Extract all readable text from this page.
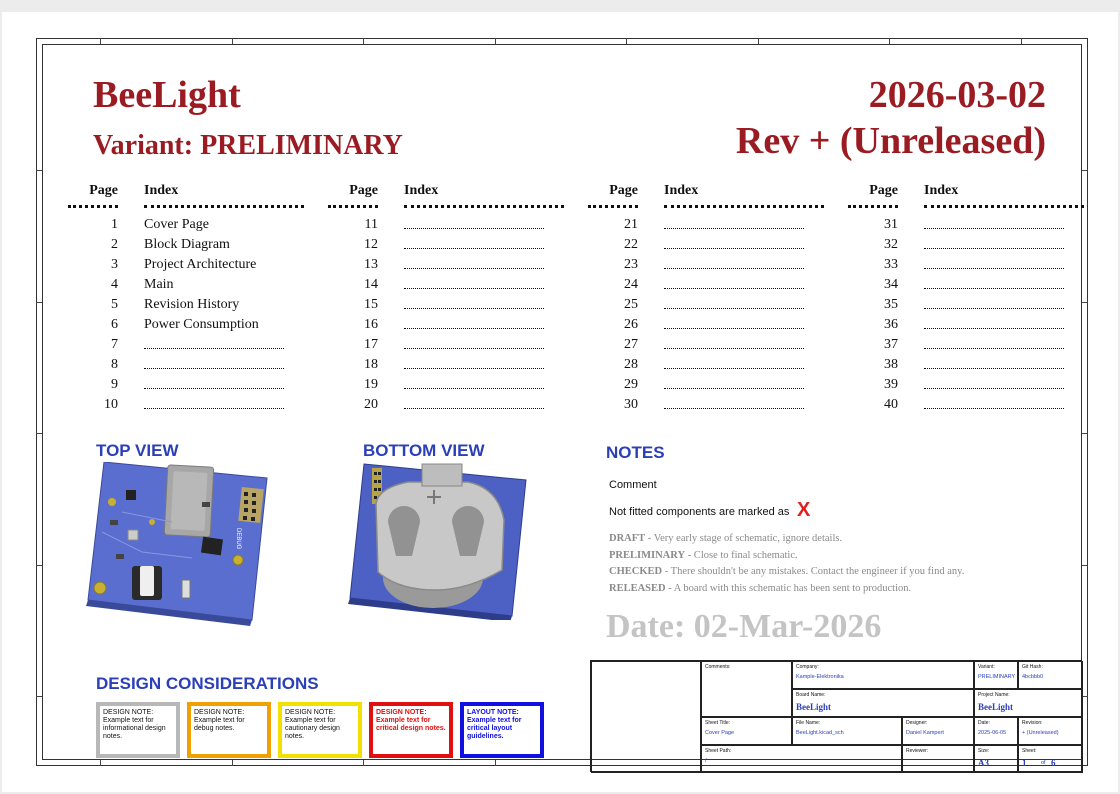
BeeLight
Variant: PRELIMINARY
2026-03-02
Rev + (Unreleased)
Page Index
1 Cover Page
2 Block Diagram
3 Project Architecture
4 Main
5 Revision History
6 Power Consumption
7
8
9
10
Page Index
11
12
13
14
15
16
17
18
19
20
Page Index
21
22
23
24
25
26
27
28
29
30
Page Index
31
32
33
34
35
36
37
38
39
40
TOP VIEW	BOTTOM VIEW
DEBUG
NOTES
Comment
Not fitted components are marked as X
DRAFT - Very early stage of schematic, ignore details.
PRELIMINARY - Close to final schematic.
CHECKED - There shouldn't be any mistakes. Contact the engineer if you find any.
RELEASED - A board with this schematic has been sent to production.
Date: 02-Mar-2026
DESIGN CONSIDERATIONS
DESIGN NOTE:
Example text for informational design notes.
DESIGN NOTE:
Example text for debug notes.
DESIGN NOTE:
Example text for cautionary design notes.
DESIGN NOTE:
Example text for critical design notes.
LAYOUT NOTE:
Example text for critical layout guidelines.
Comments:	Company:
Kample-Elektronika
Variant:
PRELIMINARY
Git Hash:
4bcbbb0
Board Name:
BeeLight
Project Name:
BeeLight
Sheet Title:
Cover Page
File Name:
BeeLight.kicad_sch
Designer:
Daniel Kampert
Date:
2025-06-05
Revision:
+ (Unreleased)
Sheet Path:
/
Reviewer:	Size:
A3
Sheet:
1	of 6
